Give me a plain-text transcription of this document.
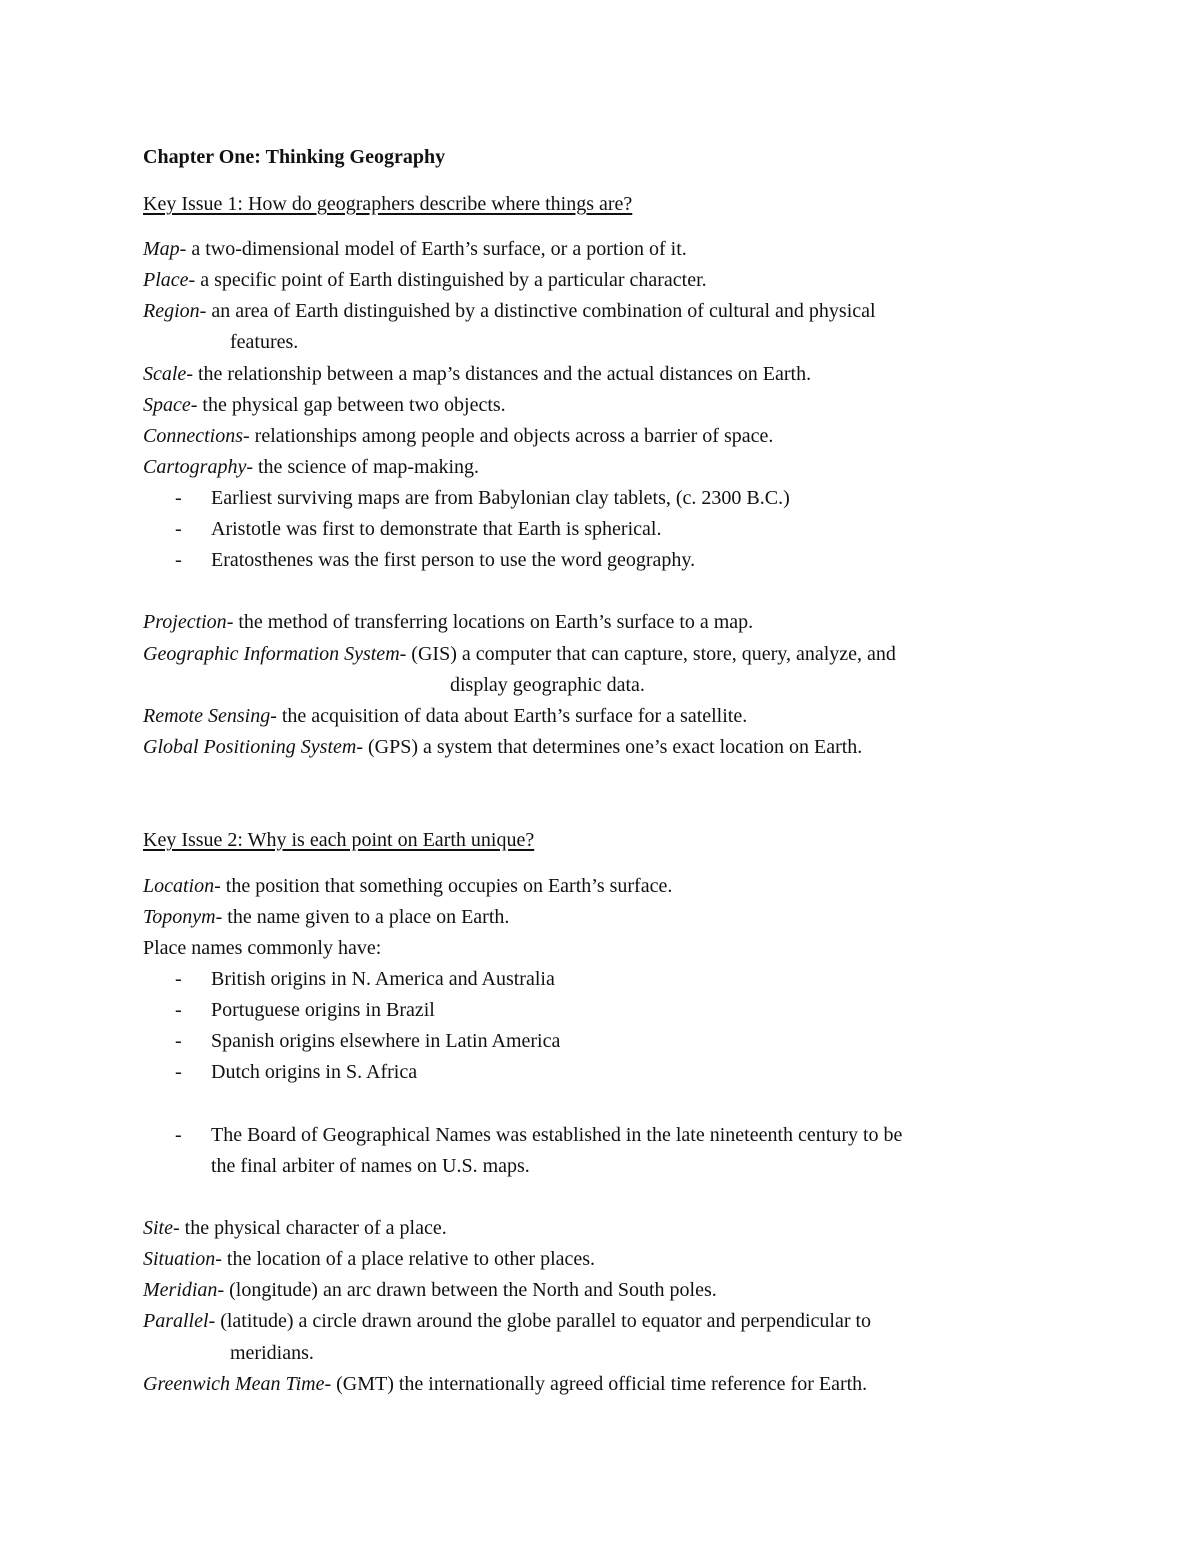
Chapter One: Thinking Geography
Key Issue 1: How do geographers describe where things are?
Map- a two-dimensional model of Earth’s surface, or a portion of it.
Place- a specific point of Earth distinguished by a particular character.
Region- an area of Earth distinguished by a distinctive combination of cultural and physical
features.
Scale- the relationship between a map’s distances and the actual distances on Earth.
Space- the physical gap between two objects.
Connections- relationships among people and objects across a barrier of space.
Cartography- the science of map-making.
- Earliest surviving maps are from Babylonian clay tablets, (c. 2300 B.C.)
- Aristotle was first to demonstrate that Earth is spherical.
- Eratosthenes was the first person to use the word geography.
Projection- the method of transferring locations on Earth’s surface to a map.
Geographic Information System- (GIS) a computer that can capture, store, query, analyze, and
display geographic data.
Remote Sensing- the acquisition of data about Earth’s surface for a satellite.
Global Positioning System- (GPS) a system that determines one’s exact location on Earth.
Key Issue 2: Why is each point on Earth unique?
Location- the position that something occupies on Earth’s surface.
Toponym- the name given to a place on Earth.
Place names commonly have:
- British origins in N. America and Australia
- Portuguese origins in Brazil
- Spanish origins elsewhere in Latin America
- Dutch origins in S. Africa
- The Board of Geographical Names was established in the late nineteenth century to be
the final arbiter of names on U.S. maps.
Site- the physical character of a place.
Situation- the location of a place relative to other places.
Meridian- (longitude) an arc drawn between the North and South poles.
Parallel- (latitude) a circle drawn around the globe parallel to equator and perpendicular to
meridians.
Greenwich Mean Time- (GMT) the internationally agreed official time reference for Earth.
